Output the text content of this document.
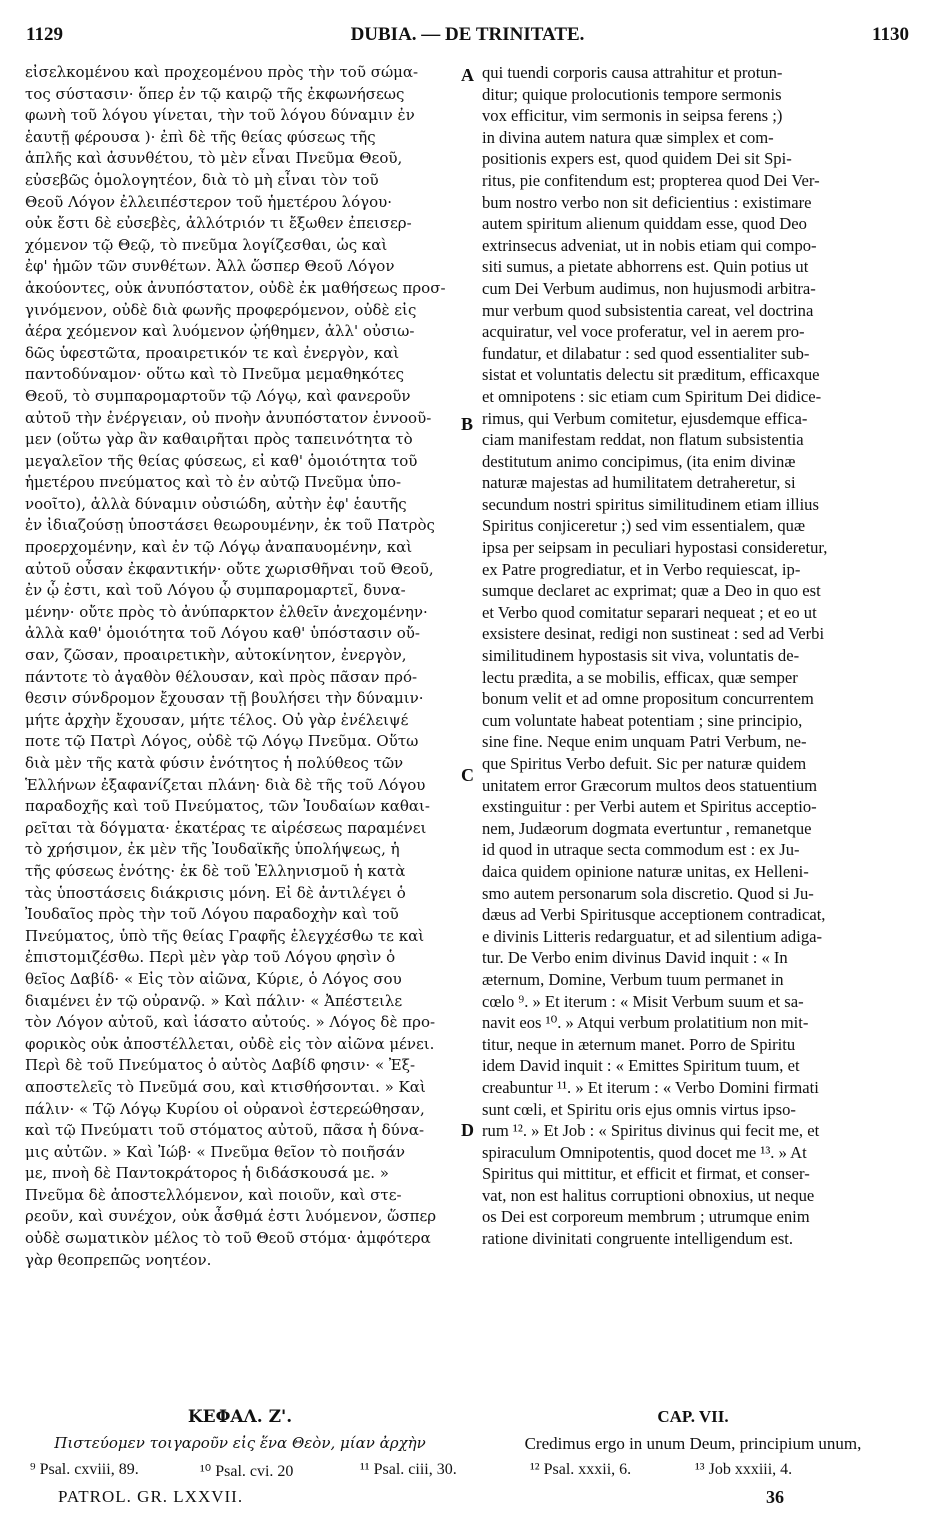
1129	DUBIA. — DE TRINITATE.	1130
εἰσελκομένου καὶ προχεομένου πρὸς τὴν τοῦ σώμα-
τος σύστασιν· ὅπερ ἐν τῷ καιρῷ τῆς ἐκφωνήσεως
φωνὴ τοῦ λόγου γίνεται, τὴν τοῦ λόγου δύναμιν ἐν
ἑαυτῇ φέρουσα )· ἐπὶ δὲ τῆς θείας φύσεως τῆς
ἁπλῆς καὶ ἀσυνθέτου, τὸ μὲν εἶναι Πνεῦμα Θεοῦ,
εὐσεβῶς ὁμολογητέον, διὰ τὸ μὴ εἶναι τὸν τοῦ
Θεοῦ Λόγον ἐλλειπέστερον τοῦ ἡμετέρου λόγου·
οὐκ ἔστι δὲ εὐσεβὲς, ἀλλότριόν τι ἔξωθεν ἐπεισερ-
χόμενον τῷ Θεῷ, τὸ πνεῦμα λογίζεσθαι, ὡς καὶ
ἐφ' ἡμῶν τῶν συνθέτων. Ἀλλ ὥσπερ Θεοῦ Λόγον
ἀκούοντες, οὐκ ἀνυπόστατον, οὐδὲ ἐκ μαθήσεως προσ-
γινόμενον, οὐδὲ διὰ φωνῆς προφερόμενον, οὐδὲ εἰς
ἀέρα χεόμενον καὶ λυόμενον ᾠήθημεν, ἀλλ' οὐσιω-
δῶς ὑφεστῶτα, προαιρετικόν τε καὶ ἐνεργὸν, καὶ
παντοδύναμον· οὕτω καὶ τὸ Πνεῦμα μεμαθηκότες
Θεοῦ, τὸ συμπαρομαρτοῦν τῷ Λόγῳ, καὶ φανεροῦν
αὐτοῦ τὴν ἐνέργειαν, οὐ πνοὴν ἀνυπόστατον ἐννοοῦ-
μεν (οὕτω γὰρ ἂν καθαιρῆται πρὸς ταπεινότητα τὸ
μεγαλεῖον τῆς θείας φύσεως, εἰ καθ' ὁμοιότητα τοῦ
ἡμετέρου πνεύματος καὶ τὸ ἐν αὐτῷ Πνεῦμα ὑπο-
νοοῖτο), ἀλλὰ δύναμιν οὐσιώδη, αὐτὴν ἐφ' ἑαυτῆς
ἐν ἰδιαζούσῃ ὑποστάσει θεωρουμένην, ἐκ τοῦ Πατρὸς
προερχομένην, καὶ ἐν τῷ Λόγῳ ἀναπαυομένην, καὶ
αὐτοῦ οὖσαν ἐκφαντικήν· οὔτε χωρισθῆναι τοῦ Θεοῦ,
ἐν ᾧ ἐστι, καὶ τοῦ Λόγου ᾧ συμπαρομαρτεῖ, δυνα-
μένην· οὔτε πρὸς τὸ ἀνύπαρκτον ἐλθεῖν ἀνεχομένην·
ἀλλὰ καθ' ὁμοιότητα τοῦ Λόγου καθ' ὑπόστασιν οὔ-
σαν, ζῶσαν, προαιρετικὴν, αὐτοκίνητον, ἐνεργὸν,
πάντοτε τὸ ἀγαθὸν θέλουσαν, καὶ πρὸς πᾶσαν πρό-
θεσιν σύνδρομον ἔχουσαν τῇ βουλήσει τὴν δύναμιν·
μήτε ἀρχὴν ἔχουσαν, μήτε τέλος. Οὐ γὰρ ἐνέλειψέ
ποτε τῷ Πατρὶ Λόγος, οὐδὲ τῷ Λόγῳ Πνεῦμα. Οὕτω
διὰ μὲν τῆς κατὰ φύσιν ἑνότητος ἡ πολύθεος τῶν
Ἑλλήνων ἐξαφανίζεται πλάνη· διὰ δὲ τῆς τοῦ Λόγου
παραδοχῆς καὶ τοῦ Πνεύματος, τῶν Ἰουδαίων καθαι-
ρεῖται τὰ δόγματα· ἑκατέρας τε αἱρέσεως παραμένει
τὸ χρήσιμον, ἐκ μὲν τῆς Ἰουδαϊκῆς ὑπολήψεως, ἡ
τῆς φύσεως ἑνότης· ἐκ δὲ τοῦ Ἑλληνισμοῦ ἡ κατὰ
τὰς ὑποστάσεις διάκρισις μόνη. Εἰ δὲ ἀντιλέγει ὁ
Ἰουδαῖος πρὸς τὴν τοῦ Λόγου παραδοχὴν καὶ τοῦ
Πνεύματος, ὑπὸ τῆς θείας Γραφῆς ἐλεγχέσθω τε καὶ
ἐπιστομιζέσθω. Περὶ μὲν γὰρ τοῦ Λόγου φησὶν ὁ
θεῖος Δαβίδ· « Εἰς τὸν αἰῶνα, Κύριε, ὁ Λόγος σου
διαμένει ἐν τῷ οὐρανῷ. » Καὶ πάλιν· « Ἀπέστειλε
τὸν Λόγον αὐτοῦ, καὶ ἰάσατο αὐτούς. » Λόγος δὲ προ-
φορικὸς οὐκ ἀποστέλλεται, οὐδὲ εἰς τὸν αἰῶνα μένει.
Περὶ δὲ τοῦ Πνεύματος ὁ αὐτὸς Δαβίδ φησιν· « Ἐξ-
αποστελεῖς τὸ Πνεῦμά σου, καὶ κτισθήσονται. » Καὶ
πάλιν· « Τῷ Λόγῳ Κυρίου οἱ οὐρανοὶ ἐστερεώθησαν,
καὶ τῷ Πνεύματι τοῦ στόματος αὐτοῦ, πᾶσα ἡ δύνα-
μις αὐτῶν. » Καὶ Ἰώβ· « Πνεῦμα θεῖον τὸ ποιῆσάν
με, πνοὴ δὲ Παντοκράτορος ἡ διδάσκουσά με. »
Πνεῦμα δὲ ἀποστελλόμενον, καὶ ποιοῦν, καὶ στε-
ρεοῦν, καὶ συνέχον, οὐκ ἆσθμά ἐστι λυόμενον, ὥσπερ
οὐδὲ σωματικὸν μέλος τὸ τοῦ Θεοῦ στόμα· ἀμφότερα
γὰρ θεοπρεπῶς νοητέον.
qui tuendi corporis causa attrahitur et protun-
ditur; quique prolocutionis tempore sermonis
vox efficitur, vim sermonis in seipsa ferens ;)
in divina autem natura quæ simplex et com-
positionis expers est, quod quidem Dei sit Spi-
ritus, pie confitendum est; propterea quod Dei Ver-
bum nostro verbo non sit deficientius : existimare
autem spiritum alienum quiddam esse, quod Deo
extrinsecus adveniat, ut in nobis etiam qui compo-
siti sumus, a pietate abhorrens est. Quin potius ut
cum Dei Verbum audimus, non hujusmodi arbitra-
mur verbum quod subsistentia careat, vel doctrina
acquiratur, vel voce proferatur, vel in aerem pro-
fundatur, et dilabatur : sed quod essentialiter sub-
sistat et voluntatis delectu sit præditum, efficaxque
et omnipotens : sic etiam cum Spiritum Dei didice-
rimus, qui Verbum comitetur, ejusdemque effica-
ciam manifestam reddat, non flatum subsistentia
destitutum animo concipimus, (ita enim divinæ
naturæ majestas ad humilitatem detraheretur, si
secundum nostri spiritus similitudinem etiam illius
Spiritus conjiceretur ;) sed vim essentialem, quæ
ipsa per seipsam in peculiari hypostasi consideretur,
ex Patre progrediatur, et in Verbo requiescat, ip-
sumque declaret ac exprimat; quæ a Deo in quo est
et Verbo quod comitatur separari nequeat ; et eo ut
exsistere desinat, redigi non sustineat : sed ad Verbi
similitudinem hypostasis sit viva, voluntatis de-
lectu prædita, a se mobilis, efficax, quæ semper
bonum velit et ad omne propositum concurrentem
cum voluntate habeat potentiam ; sine principio,
sine fine. Neque enim unquam Patri Verbum, ne-
que Spiritus Verbo defuit. Sic per naturæ quidem
unitatem error Græcorum multos deos statuentium
exstinguitur : per Verbi autem et Spiritus acceptio-
nem, Judæorum dogmata evertuntur , remanetque
id quod in utraque secta commodum est : ex Ju-
daica quidem opinione naturæ unitas, ex Helleni-
smo autem personarum sola discretio. Quod si Ju-
dæus ad Verbi Spiritusque acceptionem contradicat,
e divinis Litteris redarguatur, et ad silentium adiga-
tur. De Verbo enim divinus David inquit : « In
æternum, Domine, Verbum tuum permanet in
cœlo ⁹. » Et iterum : « Misit Verbum suum et sa-
navit eos ¹⁰. » Atqui verbum prolatitium non mit-
titur, neque in æternum manet. Porro de Spiritu
idem David inquit : « Emittes Spiritum tuum, et
creabuntur ¹¹. » Et iterum : « Verbo Domini firmati
sunt cœli, et Spiritu oris ejus omnis virtus ipso-
rum ¹². » Et Job : « Spiritus divinus qui fecit me, et
spiraculum Omnipotentis, quod docet me ¹³. » At
Spiritus qui mittitur, et efficit et firmat, et conser-
vat, non est halitus corruptioni obnoxius, ut neque
os Dei est corporeum membrum ; utrumque enim
ratione divinitati congruente intelligendum est.
A
B
C
D
ΚΕΦΑΛ. Ζ'.	CAP. VII.
Πιστεύομεν τοιγαροῦν εἰς ἕνα Θεὸν, μίαν ἀρχὴν	Credimus ergo in unum Deum, principium unum,
⁹ Psal. cxviii, 89.	¹⁰ Psal. cvi. 20	¹¹ Psal. ciii, 30.	¹² Psal. xxxii, 6.	¹³ Job xxxiii, 4.
PATROL. GR. LXXVII.	36
